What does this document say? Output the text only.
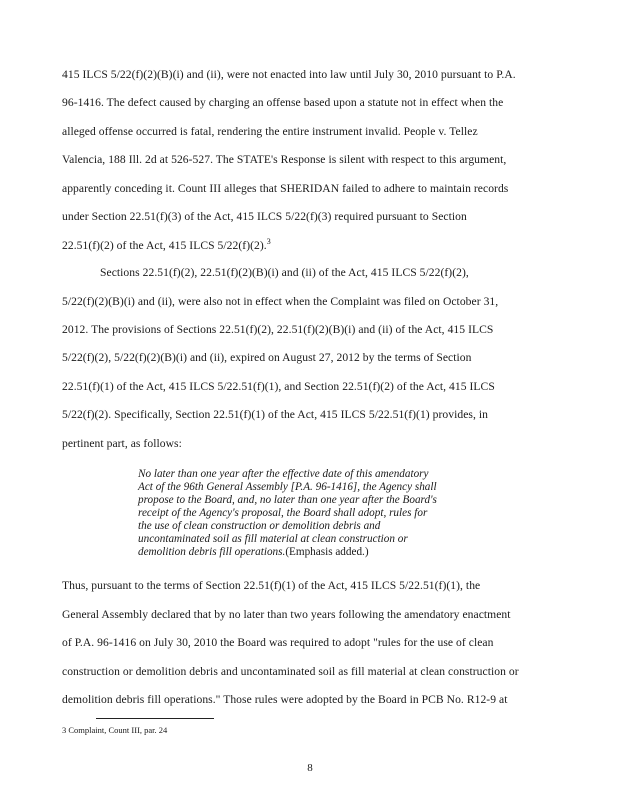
415 ILCS 5/22(f)(2)(B)(i) and (ii), were not enacted into law until July 30, 2010 pursuant to P.A.
96-1416. The defect caused by charging an offense based upon a statute not in effect when the
alleged offense occurred is fatal, rendering the entire instrument invalid. People v. Tellez
Valencia, 188 Ill. 2d at 526-527. The STATE's Response is silent with respect to this argument,
apparently conceding it. Count III alleges that SHERIDAN failed to adhere to maintain records
under Section 22.51(f)(3) of the Act, 415 ILCS 5/22(f)(3) required pursuant to Section
22.51(f)(2) of the Act, 415 ILCS 5/22(f)(2).$^3$
Sections 22.51(f)(2), 22.51(f)(2)(B)(i) and (ii) of the Act, 415 ILCS 5/22(f)(2),
5/22(f)(2)(B)(i) and (ii), were also not in effect when the Complaint was filed on October 31,
2012. The provisions of Sections 22.51(f)(2), 22.51(f)(2)(B)(i) and (ii) of the Act, 415 ILCS
5/22(f)(2), 5/22(f)(2)(B)(i) and (ii), expired on August 27, 2012 by the terms of Section
22.51(f)(1) of the Act, 415 ILCS 5/22.51(f)(1), and Section 22.51(f)(2) of the Act, 415 ILCS
5/22(f)(2). Specifically, Section 22.51(f)(1) of the Act, 415 ILCS 5/22.51(f)(1) provides, in
pertinent part, as follows:
No later than one year after the effective date of this amendatory
Act of the 96th General Assembly [P.A. 96-1416], the Agency shall
propose to the Board, and, no later than one year after the Board's
receipt of the Agency's proposal, the Board shall adopt, rules for
the use of clean construction or demolition debris and
uncontaminated soil as fill material at clean construction or
demolition debris fill operations.(Emphasis added.)
Thus, pursuant to the terms of Section 22.51(f)(1) of the Act, 415 ILCS 5/22.51(f)(1), the
General Assembly declared that by no later than two years following the amendatory enactment
of P.A. 96-1416 on July 30, 2010 the Board was required to adopt "rules for the use of clean
construction or demolition debris and uncontaminated soil as fill material at clean construction or
demolition debris fill operations." Those rules were adopted by the Board in PCB No. R12-9 at
3 Complaint, Count III, par. 24
8
